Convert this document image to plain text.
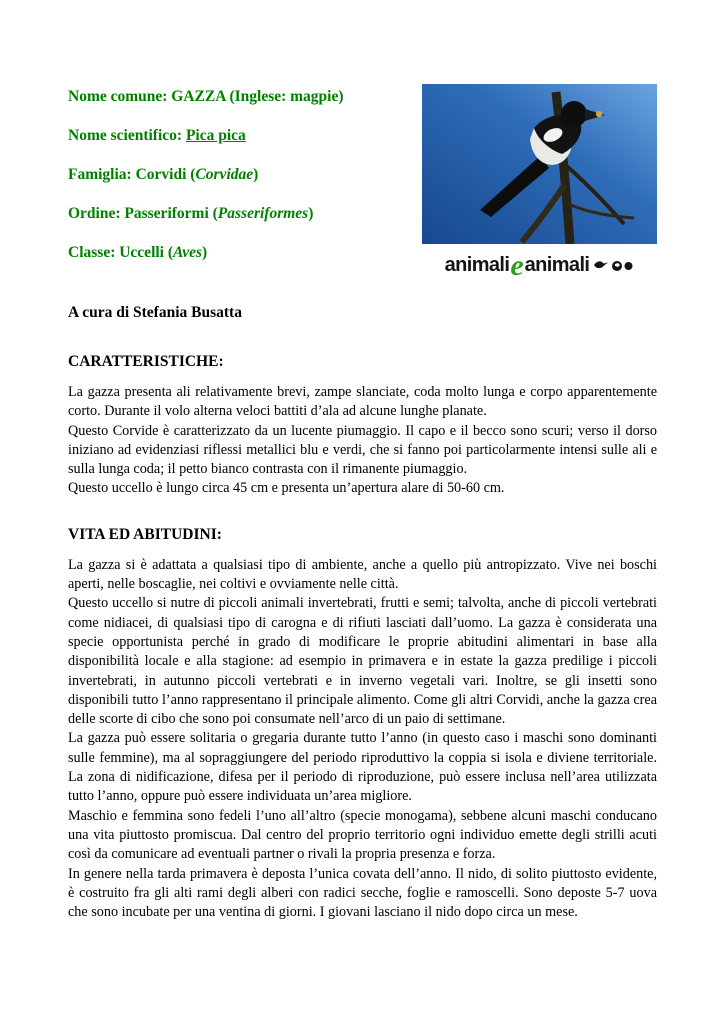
Nome comune: GAZZA (Inglese: magpie)

Nome scientifico: Pica pica

Famiglia: Corvidi (Corvidae)

Ordine: Passeriformi (Passeriformes)

Classe: Uccelli (Aves)

animali e animali

A cura di Stefania Busatta

CARATTERISTICHE:

La gazza presenta ali relativamente brevi, zampe slanciate, coda molto lunga e corpo apparentemente corto. Durante il volo alterna veloci battiti d’ala ad alcune lunghe planate.

Questo Corvide è caratterizzato da un lucente piumaggio. Il capo e il becco sono scuri; verso il dorso iniziano ad evidenziasi riflessi metallici blu e verdi, che si fanno poi particolarmente intensi sulle ali e sulla lunga coda; il petto bianco contrasta con il rimanente piumaggio.

Questo uccello è lungo circa 45 cm e presenta un’apertura alare di 50-60 cm.

VITA ED ABITUDINI:

La gazza si è adattata a qualsiasi tipo di ambiente, anche a quello più antropizzato. Vive nei boschi aperti, nelle boscaglie, nei coltivi e ovviamente nelle città.

Questo uccello si nutre di piccoli animali invertebrati, frutti e semi; talvolta, anche di piccoli vertebrati come nidiacei, di qualsiasi tipo di carogna e di rifiuti lasciati dall’uomo. La gazza è considerata una specie opportunista perché in grado di modificare le proprie abitudini alimentari in base alla disponibilità locale e alla stagione: ad esempio in primavera e in estate la gazza predilige i piccoli invertebrati, in autunno piccoli vertebrati e in inverno vegetali vari. Inoltre, se gli insetti sono disponibili tutto l’anno rappresentano il principale alimento. Come gli altri Corvidi, anche la gazza crea delle scorte di cibo che sono poi consumate nell’arco di un paio di settimane.

La gazza può essere solitaria o gregaria durante tutto l’anno (in questo caso i maschi sono dominanti sulle femmine), ma al sopraggiungere del periodo riproduttivo la coppia si isola e diviene territoriale. La zona di nidificazione, difesa per il periodo di riproduzione, può essere inclusa nell’area utilizzata tutto l’anno, oppure può essere individuata un’area migliore.

Maschio e femmina sono fedeli l’uno all’altro (specie monogama), sebbene alcuni maschi conducano una vita piuttosto promiscua. Dal centro del proprio territorio ogni individuo emette degli strilli acuti così da comunicare ad eventuali partner o rivali la propria presenza e forza.

In genere nella tarda primavera è deposta l’unica covata dell’anno. Il nido, di solito piuttosto evidente, è costruito fra gli alti rami degli alberi con radici secche, foglie e ramoscelli. Sono deposte 5-7 uova che sono incubate per una ventina di giorni. I giovani lasciano il nido dopo circa un mese.
